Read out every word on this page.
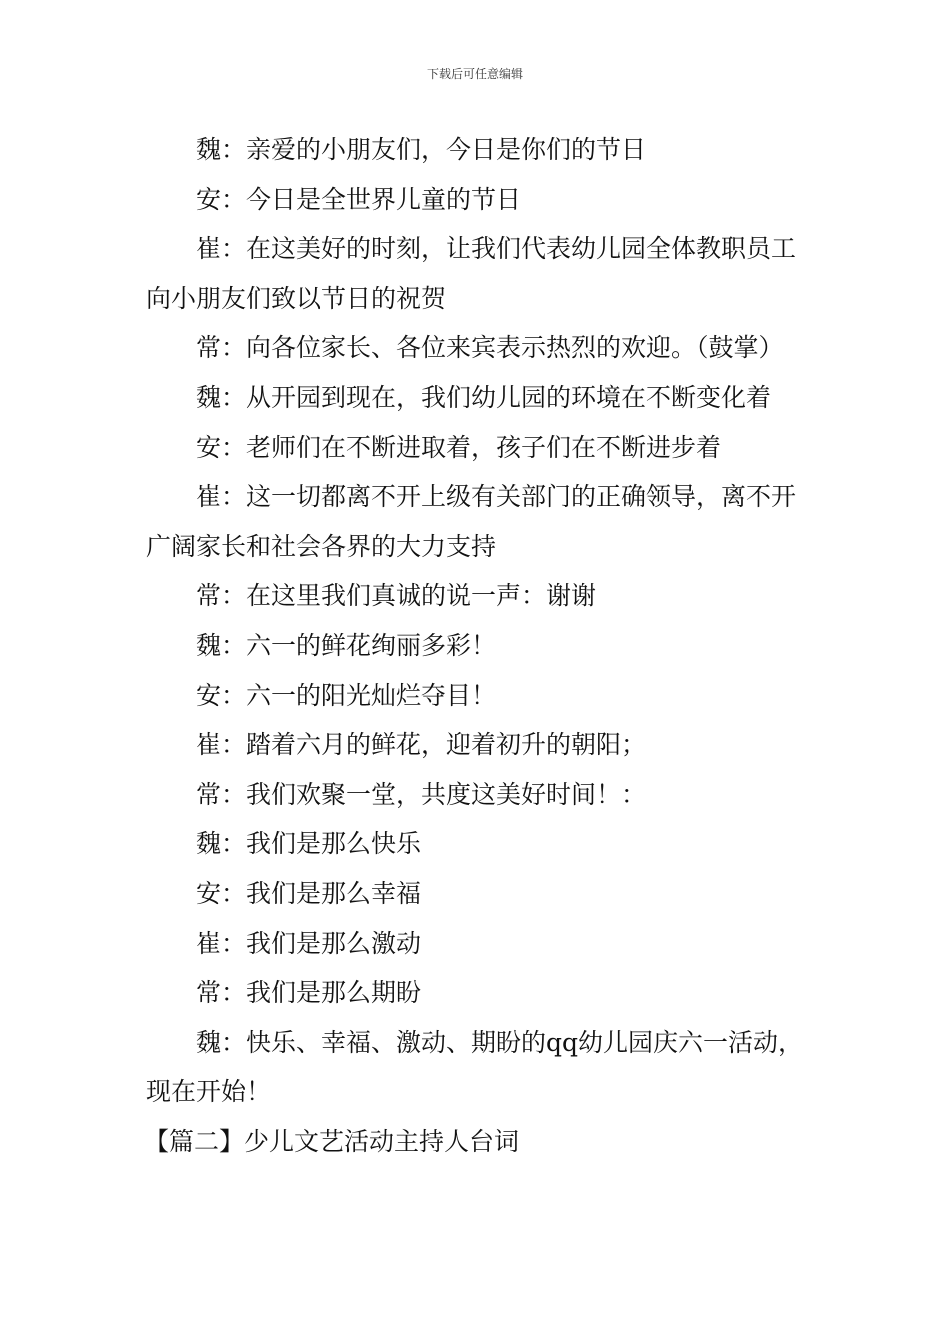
下载后可任意编辑

魏：亲爱的小朋友们，今日是你们的节日

安：今日是全世界儿童的节日

崔：在这美好的时刻，让我们代表幼儿园全体教职员工向小朋友们致以节日的祝贺

常：向各位家长、各位来宾表示热烈的欢迎。（鼓掌）

魏：从开园到现在，我们幼儿园的环境在不断变化着

安：老师们在不断进取着，孩子们在不断进步着

崔：这一切都离不开上级有关部门的正确领导，离不开广阔家长和社会各界的大力支持

常：在这里我们真诚的说一声：谢谢

魏：六一的鲜花绚丽多彩！

安：六一的阳光灿烂夺目！

崔：踏着六月的鲜花，迎着初升的朝阳；

常：我们欢聚一堂，共度这美好时间！：

魏：我们是那么快乐

安：我们是那么幸福

崔：我们是那么激动

常：我们是那么期盼

魏：快乐、幸福、激动、期盼的qq幼儿园庆六一活动，现在开始！

【篇二】少儿文艺活动主持人台词
